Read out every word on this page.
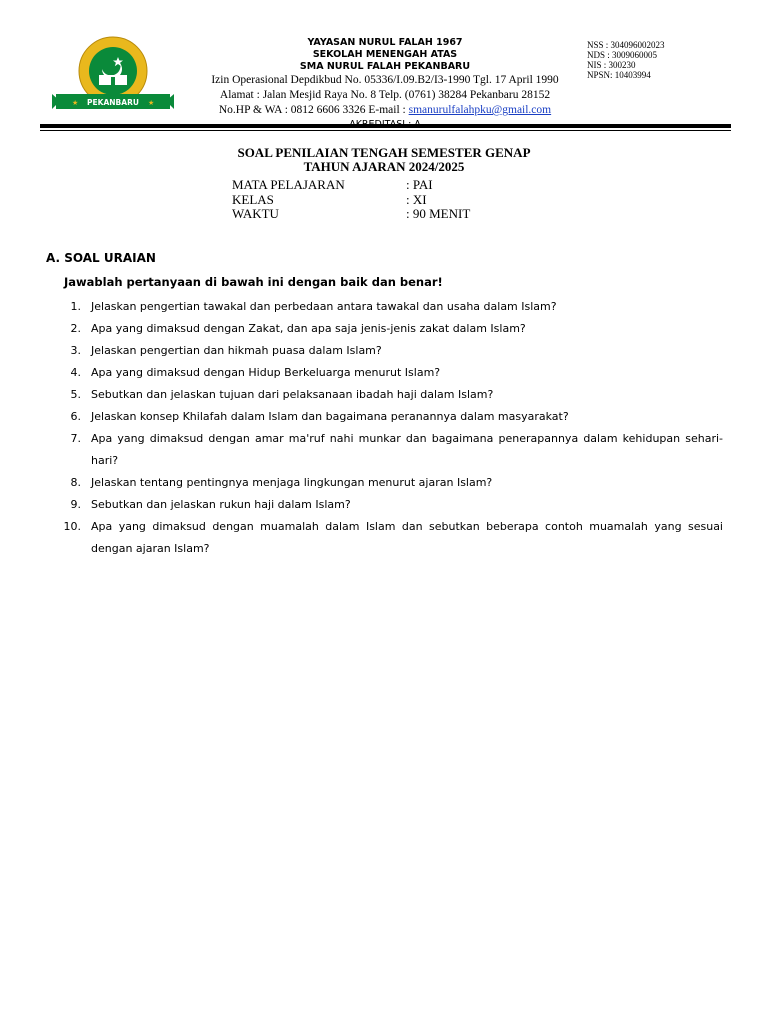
★	★
PEKANBARU
YAYASAN NURUL FALAH 1967
SEKOLAH MENENGAH ATAS
SMA NURUL FALAH PEKANBARU
Izin Operasional Depdikbud No. 05336/I.09.B2/I3-1990 Tgl. 17 April 1990
Alamat : Jalan Mesjid Raya No. 8 Telp. (0761) 38284 Pekanbaru 28152
No.HP & WA : 0812 6606 3326 E-mail : smanurulfalahpku@gmail.com
NSS : 304096002023
NDS : 3009060005
NIS : 300230
NPSN: 10403994
SOAL PENILAIAN TENGAH SEMESTER GENAP
TAHUN AJARAN 2024/2025
MATA PELAJARAN	: PAI
KELAS	: XI
WAKTU	: 90 MENIT
A. SOAL URAIAN
Jawablah pertanyaan di bawah ini dengan baik dan benar!
1. Jelaskan pengertian tawakal dan perbedaan antara tawakal dan usaha dalam Islam?
2. Apa yang dimaksud dengan Zakat, dan apa saja jenis-jenis zakat dalam Islam?
3. Jelaskan pengertian dan hikmah puasa dalam Islam?
4. Apa yang dimaksud dengan Hidup Berkeluarga menurut Islam?
5. Sebutkan dan jelaskan tujuan dari pelaksanaan ibadah haji dalam Islam?
6. Jelaskan konsep Khilafah dalam Islam dan bagaimana peranannya dalam masyarakat?
7. Apa yang dimaksud dengan amar ma'ruf nahi munkar dan bagaimana penerapannya dalam kehidupan sehari-hari?
8. Jelaskan tentang pentingnya menjaga lingkungan menurut ajaran Islam?
9. Sebutkan dan jelaskan rukun haji dalam Islam?
10. Apa yang dimaksud dengan muamalah dalam Islam dan sebutkan beberapa contoh muamalah yang sesuai dengan ajaran Islam?
